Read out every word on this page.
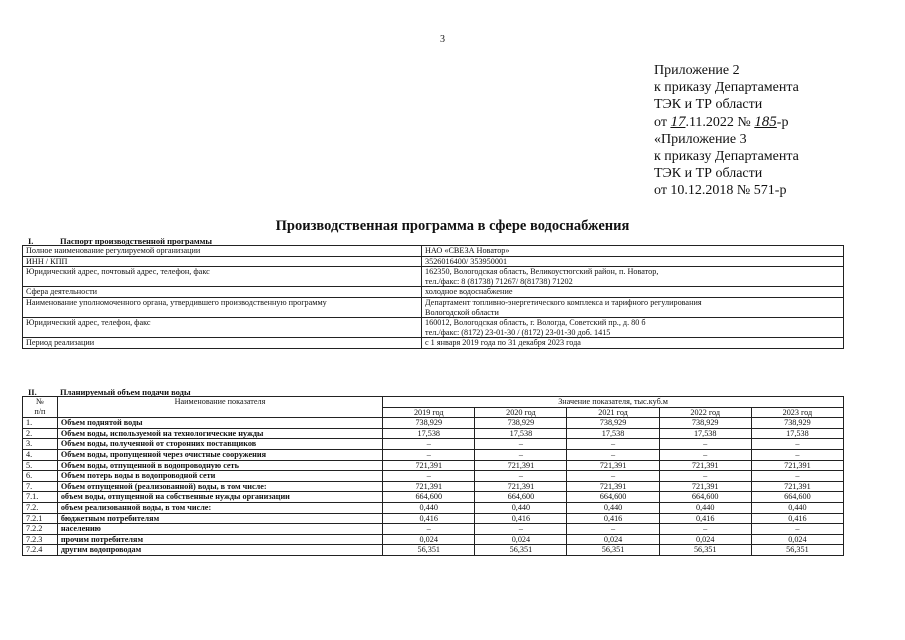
3
Приложение 2
к приказу Департамента
ТЭК и ТР области
от 17.11.2022 № 185-р
«Приложение 3
к приказу Департамента
ТЭК и ТР области
от 10.12.2018 № 571-р
Производственная программа в сфере водоснабжения
I.	Паспорт производственной программы
Полное наименование регулируемой организации	НАО «СВЕЗА Новатор»

ИНН / КПП	3526016400/ 353950001

Юридический адрес, почтовый адрес, телефон, факс	162350, Вологодская область, Великоустюгский район, п. Новатор,
тел./факс: 8 (81738) 71267/ 8(81738) 71202

Сфера деятельности	холодное водоснабжение

Наименование уполномоченного органа, утвердившего производственную программу	Департамент топливно-энергетического комплекса и тарифного регулирования
Вологодской области

Юридический адрес, телефон, факс	160012, Вологодская область, г. Вологда, Советский пр., д. 80 б
тел./факс: (8172) 23-01-30 / (8172) 23-01-30 доб. 1415

Период реализации	с 1 января 2019 года по 31 декабря 2023 года
II.	Планируемый объем подачи воды
№
п/п	Наименование показателя	Значение показателя, тыс.куб.м				
		2019 год	2020 год	2021 год	2022 год	2023 год
1.	Объем поднятой воды	738,929	738,929	738,929	738,929	738,929
2.	Объем воды, используемой на технологические нужды	17,538	17,538	17,538	17,538	17,538
3.	Объем воды, полученной от сторонних поставщиков	–	–	–	–	–
4.	Объем воды, пропущенной через очистные сооружения	–	–	–	–	–
5.	Объем воды, отпущенной в водопроводную сеть	721,391	721,391	721,391	721,391	721,391
6.	Объем потерь воды в водопроводной сети	–	–	–	–	–
7.	Объем отпущенной (реализованной) воды, в том числе:	721,391	721,391	721,391	721,391	721,391
7.1.	объем воды, отпущенной на собственные нужды организации	664,600	664,600	664,600	664,600	664,600
7.2.	объем реализованной воды, в том числе:	0,440	0,440	0,440	0,440	0,440
7.2.1	бюджетным потребителям	0,416	0,416	0,416	0,416	0,416
7.2.2	населению	–	–	–	–	–
7.2.3	прочим потребителям	0,024	0,024	0,024	0,024	0,024
7.2.4	другим водопроводам	56,351	56,351	56,351	56,351	56,351
